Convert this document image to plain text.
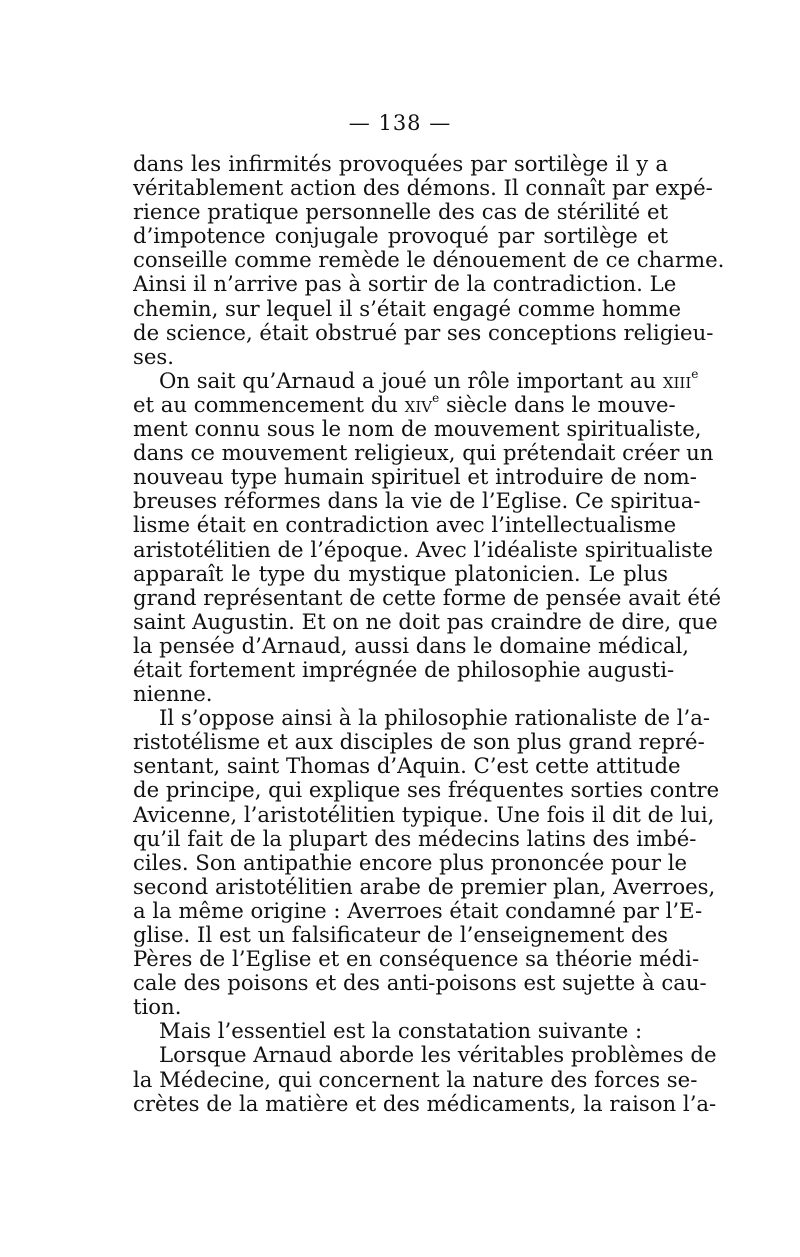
— 138 —
dans les infirmités provoquées par sortilège il y a
véritablement action des démons. Il connaît par expé-
rience pratique personnelle des cas de stérilité et
d’impotence conjugale provoqué par sortilège et
conseille comme remède le dénouement de ce charme.
Ainsi il n’arrive pas à sortir de la contradiction. Le
chemin, sur lequel il s’était engagé comme homme
de science, était obstrué par ses conceptions religieu-
ses.
On sait qu’Arnaud a joué un rôle important au xiii$^e$
et au commencement du xiv$^e$ siècle dans le mouve-
ment connu sous le nom de mouvement spiritualiste,
dans ce mouvement religieux, qui prétendait créer un
nouveau type humain spirituel et introduire de nom-
breuses réformes dans la vie de l’Eglise. Ce spiritua-
lisme était en contradiction avec l’intellectualisme
aristotélitien de l’époque. Avec l’idéaliste spiritualiste
apparaît le type du mystique platonicien. Le plus
grand représentant de cette forme de pensée avait été
saint Augustin. Et on ne doit pas craindre de dire, que
la pensée d’Arnaud, aussi dans le domaine médical,
était fortement imprégnée de philosophie augusti-
nienne.
Il s’oppose ainsi à la philosophie rationaliste de l’a-
ristotélisme et aux disciples de son plus grand repré-
sentant, saint Thomas d’Aquin. C’est cette attitude
de principe, qui explique ses fréquentes sorties contre
Avicenne, l’aristotélitien typique. Une fois il dit de lui,
qu’il fait de la plupart des médecins latins des imbé-
ciles. Son antipathie encore plus prononcée pour le
second aristotélitien arabe de premier plan, Averroes,
a la même origine : Averroes était condamné par l’E-
glise. Il est un falsificateur de l’enseignement des
Pères de l’Eglise et en conséquence sa théorie médi-
cale des poisons et des anti-poisons est sujette à cau-
tion.
Mais l’essentiel est la constatation suivante :
Lorsque Arnaud aborde les véritables problèmes de
la Médecine, qui concernent la nature des forces se-
crètes de la matière et des médicaments, la raison l’a-
